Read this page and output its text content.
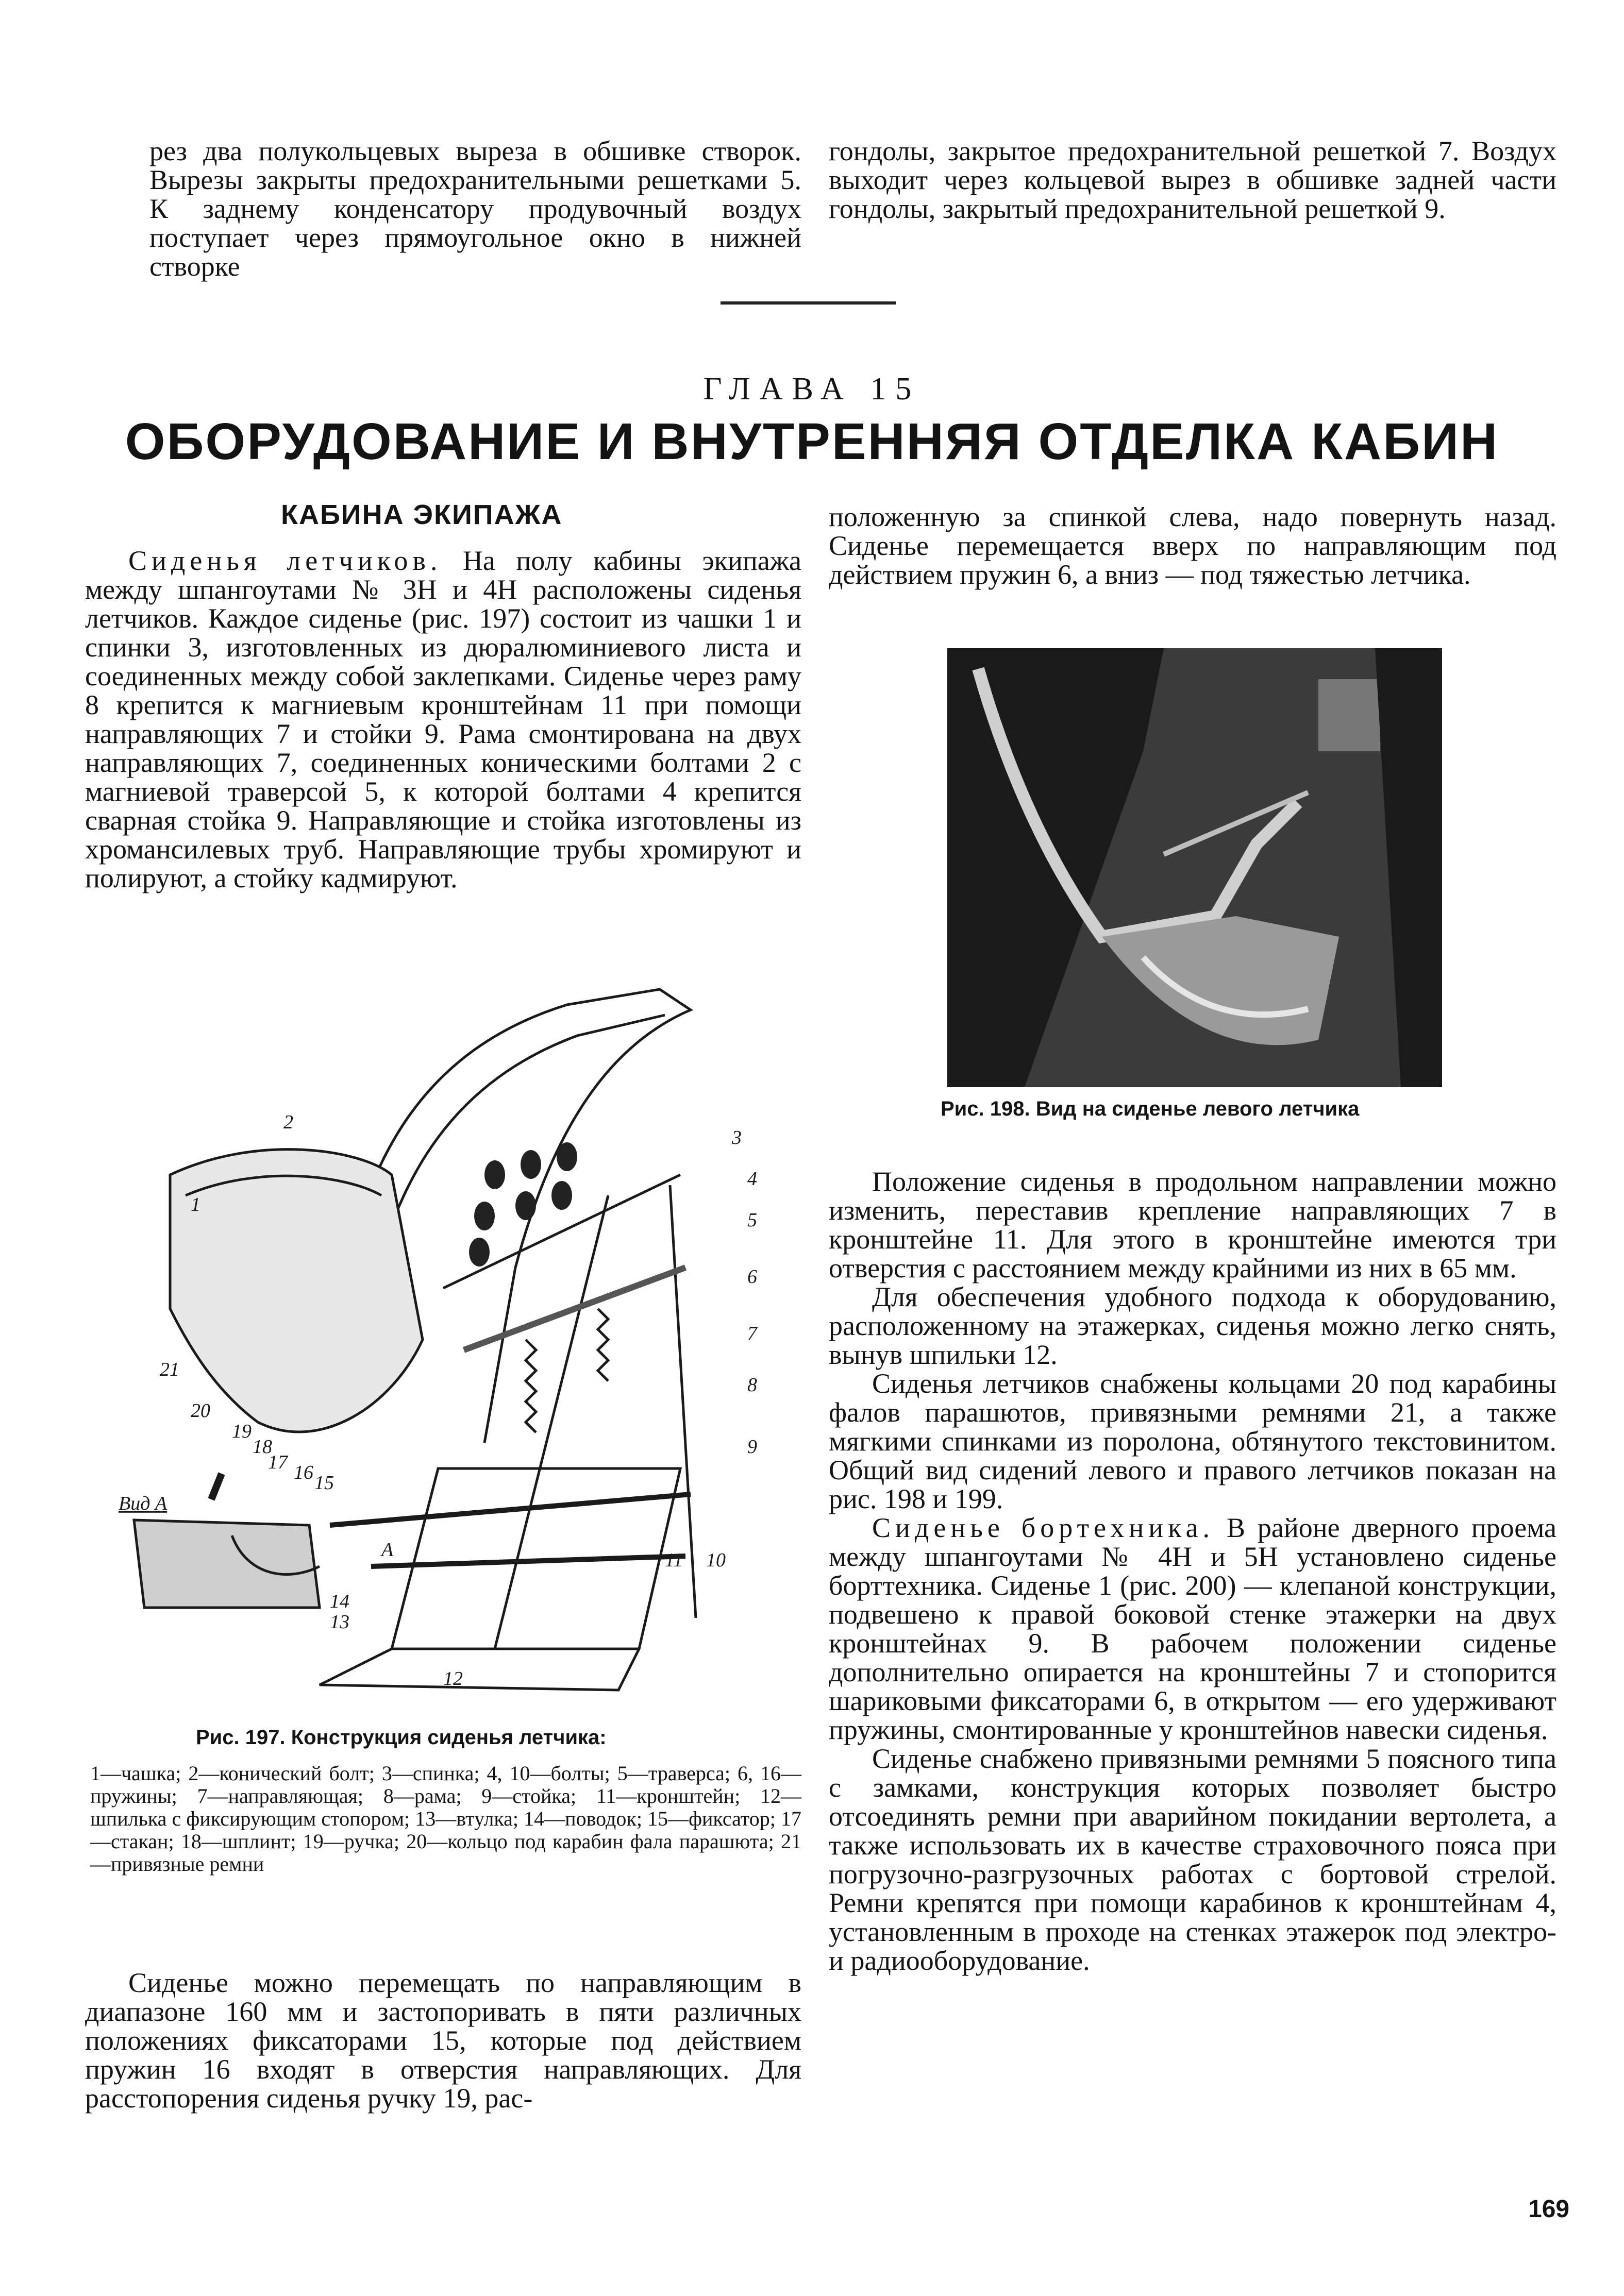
рез два полукольцевых выреза в обшивке створок. Вырезы закрыты предохранительными решетками 5. К заднему конденсатору продувочный воздух поступает через прямоугольное окно в нижней створке
гондолы, закрытое предохранительной решеткой 7. Воздух выходит через кольцевой вырез в обшивке задней части гондолы, закрытый предохранительной решеткой 9.
ГЛАВА 15
ОБОРУДОВАНИЕ И ВНУТРЕННЯЯ ОТДЕЛКА КАБИН
КАБИНА ЭКИПАЖА

Сиденья летчиков. На полу кабины экипажа между шпангоутами № 3Н и 4Н расположены сиденья летчиков. Каждое сиденье (рис. 197) состоит из чашки 1 и спинки 3, изготовленных из дюралюминиевого листа и соединенных между собой заклепками. Сиденье через раму 8 крепится к магниевым кронштейнам 11 при помощи направляющих 7 и стойки 9. Рама смонтирована на двух направляющих 7, соединенных коническими болтами 2 с магниевой траверсой 5, к которой болтами 4 крепится сварная стойка 9. Направляющие и стойка изготовлены из хромансилевых труб. Направляющие трубы хромируют и полируют, а стойку кадмируют.

3
4
5
6
7
8
9
10
11
12
13
14
15
16
17
18
19
20
21
1
2
Вид А
А
Рис. 197. Конструкция сиденья летчика:
1—чашка; 2—конический болт; 3—спинка; 4, 10—болты; 5—траверса; 6, 16—пружины; 7—направляющая; 8—рама; 9—стойка; 11—кронштейн; 12—шпилька с фиксирующим стопором; 13—втулка; 14—поводок; 15—фиксатор; 17—стакан; 18—шплинт; 19—ручка; 20—кольцо под карабин фала парашюта; 21—привязные ремни

Сиденье можно перемещать по направляющим в диапазоне 160 мм и застопоривать в пяти различных положениях фиксаторами 15, которые под действием пружин 16 входят в отверстия направляющих. Для расстопорения сиденья ручку 19, рас-

положенную за спинкой слева, надо повернуть назад. Сиденье перемещается вверх по направляющим под действием пружин 6, а вниз — под тяжестью летчика.

Рис. 198. Вид на сиденье левого летчика

Положение сиденья в продольном направлении можно изменить, переставив крепление направляющих 7 в кронштейне 11. Для этого в кронштейне имеются три отверстия с расстоянием между крайними из них в 65 мм.

Для обеспечения удобного подхода к оборудованию, расположенному на этажерках, сиденья можно легко снять, вынув шпильки 12.

Сиденья летчиков снабжены кольцами 20 под карабины фалов парашютов, привязными ремнями 21, а также мягкими спинками из поролона, обтянутого текстовинитом. Общий вид сидений левого и правого летчиков показан на рис. 198 и 199.

Сиденье бортехника. В районе дверного проема между шпангоутами № 4Н и 5Н установлено сиденье борттехника. Сиденье 1 (рис. 200) — клепаной конструкции, подвешено к правой боковой стенке этажерки на двух кронштейнах 9. В рабочем положении сиденье дополнительно опирается на кронштейны 7 и стопорится шариковыми фиксаторами 6, в открытом — его удерживают пружины, смонтированные у кронштейнов навески сиденья.

Сиденье снабжено привязными ремнями 5 поясного типа с замками, конструкция которых позволяет быстро отсоединять ремни при аварийном покидании вертолета, а также использовать их в качестве страховочного пояса при погрузочно-разгрузочных работах с бортовой стрелой. Ремни крепятся при помощи карабинов к кронштейнам 4, установленным в проходе на стенках этажерок под электро- и радиооборудование.

169
